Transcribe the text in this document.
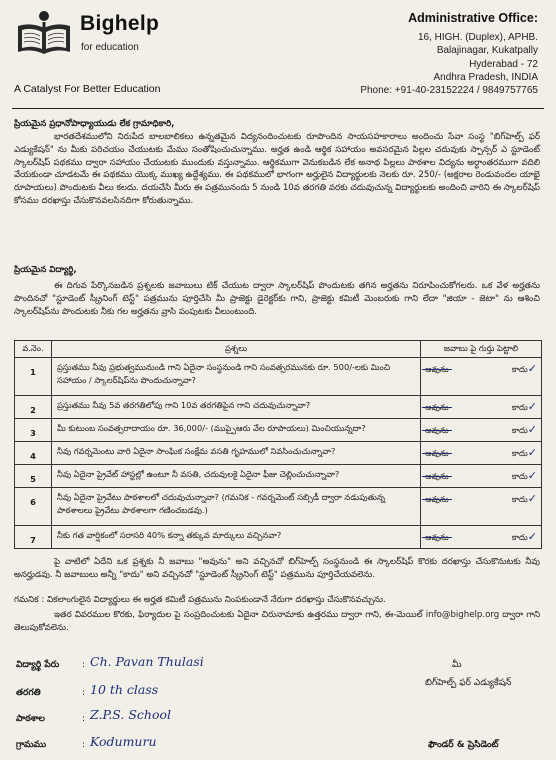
Bighelp
for education
A Catalyst For Better Education
Administrative Office:
16, HIGH. (Duplex), APHB.
Balajinagar, Kukatpally
Hyderabad - 72
Andhra Pradesh, INDIA
Phone: +91-40-23152224 / 9849757765
ప్రియమైన ప్రధానోపాధ్యాయుడు లేక గ్రామాధికారి,
భారతదేశములోని నిరుపేద బాలబాలికలు ఉన్నతమైన విద్యనందించుటకు రూపొందిన సాయసహకారాలు అందించు సేవా సంస్థ "బిగ్‌హెల్ప్ ఫర్ ఎడ్యుకేషన్" ను మీకు పరిచయం చేయుటకు మేము సంతోషించుచున్నాము. అర్హత ఉండి ఆర్థిక సహాయం అవసరమైన పిల్లల చదువుకు స్పాన్సర్ ఎ స్టూడెంట్ స్కాలర్‌షిప్ పథకము ద్వారా సహాయం చేయుటకు ముందుకు వస్తున్నాము. ఆర్థికముగా వెనుకబడిన లేక అనాథ పిల్లలు పాఠశాల విద్యను అర్ధాంతరముగా వదిలి వేయకుండా చూడటమే ఈ పథకము యొక్క ముఖ్య ఉద్దేశ్యము. ఈ పథకములో భాగంగా అర్హులైన విద్యార్థులకు నెలకు రూ. 250/- (అక్షరాల రెండువందల యాభై రూపాయలు) పొందుటకు వీలు కలదు. దయచేసి మీరు ఈ పత్రమునందు 5 నుండి 10వ తరగతి వరకు చదువుచున్న విద్యార్థులకు అందించి వారిని ఈ స్కాలర్‌షిప్ కోసము దరఖాస్తు చేసుకొనవలసినదిగా కోరుతున్నాము.
ప్రియమైన విద్యార్థి,
ఈ దిగువ పేర్కొనబడిన ప్రశ్నలకు జవాబులు టిక్ చేయుట ద్వారా స్కాలర్‌షిప్ పొందుటకు తగిన అర్హతను నిరూపించుకోగలరు. ఒక వేళ అర్హతను పొందినచో "స్టూడెంట్ స్క్రీనింగ్ టెస్ట్" పత్రమును పూర్తిచేసి మీ ప్రాజెక్టు డైరెక్టర్‌కు గాని, ప్రాజెక్టు కమిటీ మెంబరుకు గాని లేదా "జియా - జెటా" ను ఆశించి స్కాలర్‌షిప్‌ను పొందుటకు నీకు గల అర్హతను వ్రాసి పంపుటకు వీలుంటుంది.
వ.నెం.	ప్రశ్నలు	జవాబు పై గుర్తు పెట్టాలి
1	ప్రస్తుతము నీవు ప్రభుత్వమునుండి గాని ఏదైనా సంస్థనుండి గాని సంవత్సరమునకు రూ. 500/-లకు మించి సహాయం / స్కాలర్‌షిప్‌ను పొందుచున్నావా?	అవును కాదు✓

2	ప్రస్తుతము నీవు 5వ తరగతిలోపు గాని 10వ తరగతిపైన గాని చదువుచున్నావా?	అవును కాదు✓

3	మీ కుటుంబ సంవత్సరాదాయం రూ. 36,000/- (ముప్పైఆరు వేల రూపాయలు) మించియున్నదా?	అవును కాదు✓

4	నీవు గవర్నమెంటు వారి ఏదైనా సాంఘిక సంక్షేమ వసతి గృహములో నివసించుచున్నావా?	అవును కాదు✓

5	నీవు ఏదైనా ప్రైవేట్ హాస్టల్లో ఉంటూ నీ వసతి, చదువులకై ఏదైనా ఫీజు చెల్లించుచున్నావా?	అవును కాదు✓

6	నీవు ఏదైనా ప్రైవేటు పాఠశాలలో చదువుచున్నావా? (గమనిక - గవర్నమెంట్ సబ్సిడీ ద్వారా నడుపుతున్న పాఠశాలలు ప్రైవేటు పాఠశాలగా గణించబడవు.)	అవును కాదు✓

7	నీకు గత వార్షికంలో సరాసరి 40% కన్నా తక్కువ మార్కులు వచ్చినవా?	అవును కాదు✓
పై వాటిలో ఏదేని ఒక ప్రశ్నకు నీ జవాబు "అవును" అని వచ్చినచో బిగ్‌హెల్ప్ సంస్థనుండి ఈ స్కాలర్‌షిప్ కొరకు దరఖాస్తు చేసుకొనుటకు నీవు అనర్హుడవు. నీ జవాబులు అన్నీ "కాదు" అని వచ్చినచో "స్టూడెంట్ స్క్రీనింగ్ టెస్ట్" పత్రమును పూర్తిచేయవలెను.
గమనిక : వికలాంగులైన విద్యార్థులు ఈ అర్హత కమిటీ పత్రమును నింపకుండానే నేరుగా దరఖాస్తు చేసుకొనవచ్చును.
ఇతర వివరముల కొరకు, ఫిర్యాదుల పై సంప్రదించుటకు ఏదైనా చిరునామాకు ఉత్తరము ద్వారా గాని, ఈ-మెయిల్ info@bighelp.org ద్వారా గాని తెలుపుకోవలెను.
విద్యార్థి పేరు	: Ch. Pavan Thulasi
తరగతి	: 10 th class
పాఠశాల	: Z.P.S. School
గ్రామము	: Kodumuru
మీ
బిగ్‌హెల్ప్ ఫర్ ఎడ్యుకేషన్
ఫౌండర్ & ప్రెసిడెంట్
